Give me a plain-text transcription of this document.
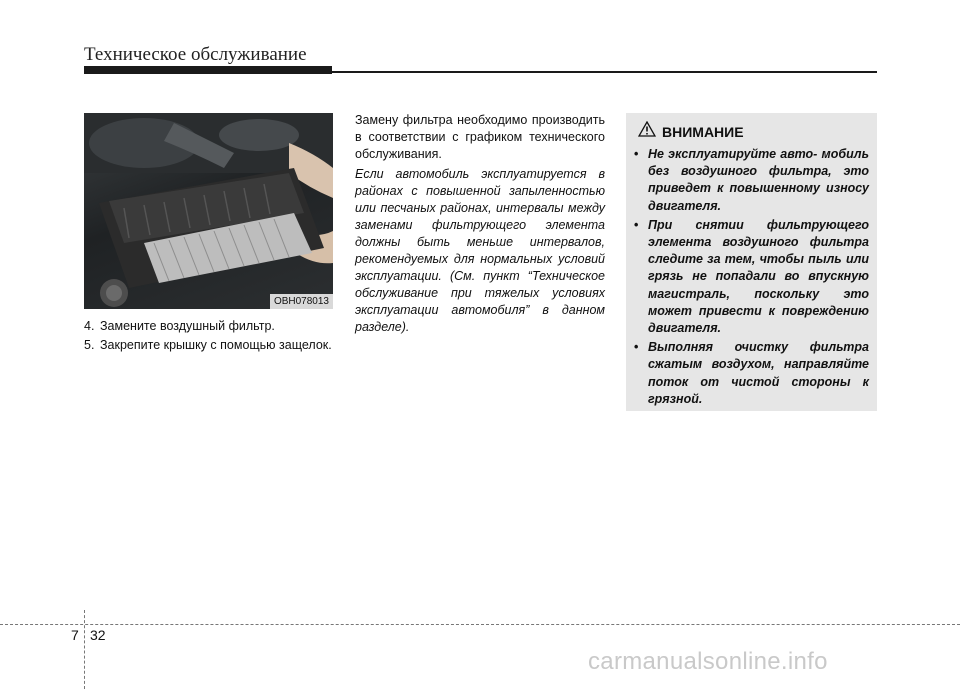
Техническое обслуживание
OBH078013
4. Замените воздушный фильтр.
5. Закрепите крышку с помощью защелок.

Замену фильтра необходимо производить в соответствии с графиком технического обслуживания.

Если автомобиль эксплуатируется в районах с повышенной запыленностью или песчаных районах, интервалы между заменами фильтрующего элемента должны быть меньше интервалов, рекомендуемых для нормальных условий эксплуатации. (См. пункт “Техническое обслуживание при тяжелых условиях эксплуатации автомобиля” в данном разделе).

ВНИМАНИЕ
• Не эксплуатируйте авто- мобиль без воздушного фильтра, это приведет к повышенному износу двигателя.
• При снятии фильтрующего элемента воздушного фильтра следите за тем, чтобы пыль или грязь не попадали во впускную магистраль, поскольку это может привести к повреждению двигателя.
• Выполняя очистку фильтра сжатым воздухом, направляйте поток от чистой стороны к грязной.
7 32
carmanualsonline.info
